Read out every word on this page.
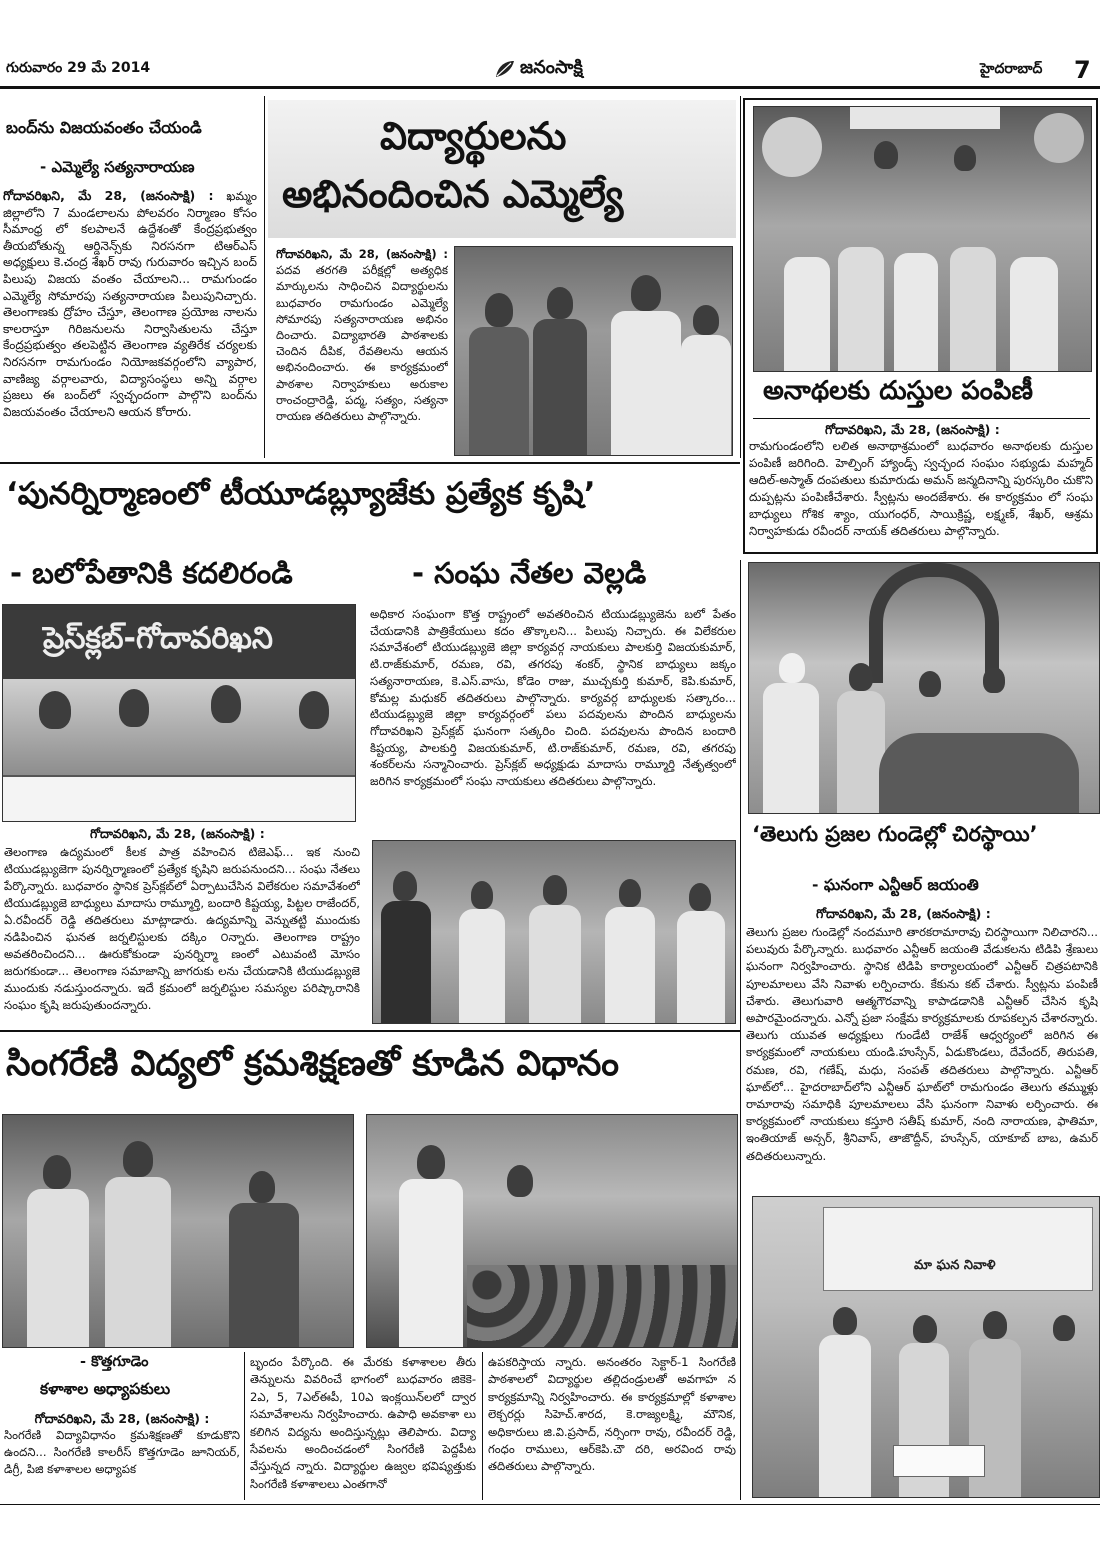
గురువారం 29 మే 2014	జనంసాక్షి	హైదరాబాద్ 7
బంద్‌ను విజయవంతం చేయండి
- ఎమ్మెల్యే సత్యనారాయణ
గోదావరిఖని, మే 28, (జనంసాక్షి) : ఖమ్మం జిల్లాలోని 7 మండలాలను పోలవరం నిర్మాణం కోసం సీమాంధ్ర లో కలపాలనే ఉద్దేశంతో కేంద్రప్రభుత్వం తీయబోతున్న ఆర్డినెన్స్‌కు నిరసనగా టిఆర్ఎస్ అధ్యక్షులు కె.చంద్ర శేఖర్ రావు గురువారం ఇచ్చిన బంద్ పిలుపు విజయ వంతం చేయాలని... రామగుండం ఎమ్మెల్యే సోమారపు సత్యనారాయణ పిలుపునిచ్చారు. తెలంగాణకు ద్రోహం చేస్తూ, తెలంగాణ ప్రయోజ నాలను కాలరాస్తూ గిరిజనులను నిర్వాసితులను చేస్తూ కేంద్రప్రభుత్వం తలపెట్టిన తెలంగాణ వ్యతిరేక చర్యలకు నిరసనగా రామగుండం నియోజకవర్గంలోని వ్యాపార, వాణిజ్య వర్గాలవారు, విద్యాసంస్థలు అన్ని వర్గాల ప్రజలు ఈ బంద్‌లో స్వచ్ఛందంగా పాల్గొని బంద్‌ను విజయవంతం చేయాలని ఆయన కోరారు.
విద్యార్థులను
అభినందించిన ఎమ్మెల్యే
గోదావరిఖని, మే 28, (జనంసాక్షి) : పదవ తరగతి పరీక్షల్లో అత్యధిక మార్కులను సాధించిన విద్యార్థులను బుధవారం రామగుండం ఎమ్మెల్యే సోమారపు సత్యనారాయణ అభినం దించారు. విద్యాభారతి పాఠశాలకు చెందిన దీపిక, రేవతిలను ఆయన అభినందించారు. ఈ కార్యక్రమంలో పాఠశాల నిర్వాహకులు అరుకాల రాంచంద్రారెడ్డి, పద్మ, సత్యం, సత్యనా రాయణ తదితరులు పాల్గొన్నారు.
అనాథలకు దుస్తుల పంపిణీ
గోదావరిఖని, మే 28, (జనంసాక్షి) :
రామగుండంలోని లలిత అనాథాశ్రమంలో బుధవారం అనాథలకు దుస్తుల పంపిణీ జరిగింది. హెల్పింగ్ హ్యాండ్స్ స్వచ్ఛంద సంఘం సభ్యుడు మహ్మద్ ఆదిల్-అస్మాత్ దంపతులు కుమారుడు అమన్ జన్మదినాన్ని పురస్కరిం చుకొని దుప్పట్లను పంపిణీచేశారు. స్వీట్లను అందజేశారు. ఈ కార్యక్రమం లో సంఘ బాధ్యులు గోశిక శ్యాం, యుగంధర్, సాయిక్రిష్ణ, లక్ష్మణ్, శేఖర్, ఆశ్రమ నిర్వాహకుడు రవీందర్ నాయక్ తదితరులు పాల్గొన్నారు.
‘పునర్నిర్మాణంలో టీయూడబ్ల్యూజేకు ప్రత్యేక కృషి’
- బలోపేతానికి కదలిరండి	- సంఘ నేతల వెల్లడి
ప్రెస్‌క్లబ్-గోదావరిఖని
అధికార సంఘంగా కొత్త రాష్ట్రంలో అవతరించిన టియుడబ్ల్యుజెను బలో పేతం చేయడానికి పాత్రికేయులు కదం తొక్కాలని... పిలుపు నిచ్చారు. ఈ విలేకరుల సమావేశంలో టియుడబ్ల్యుజె జిల్లా కార్యవర్గ నాయకులు పాలకుర్తి విజయకుమార్, టి.రాజ్‌కుమార్, రమణ, రవి, తగరపు శంకర్, స్థానిక బాధ్యులు జక్కం సత్యనారాయణ, కె.ఎస్.వాసు, కోడెం రాజు, ముచ్చకుర్తి కుమార్, కెపి.కుమార్, కోమల్ల మధుకర్ తదితరులు పాల్గొన్నారు. కార్యవర్గ బాధ్యులకు సత్కారం... టియుడబ్ల్యుజె జిల్లా కార్యవర్గంలో పలు పదవులను పొందిన బాధ్యులను గోదావరిఖని ప్రెస్‌క్లబ్ ఘనంగా సత్కరిం చింది. పదవులను పొందిన బందారి కిష్టయ్య, పాలకుర్తి విజయకుమార్, టి.రాజ్‌కుమార్, రమణ, రవి, తగరపు శంకర్‌లను సన్మానించారు. ప్రెస్‌క్లబ్ అధ్యక్షుడు మాదాసు రామ్మూర్తి నేతృత్వంలో జరిగిన కార్యక్రమంలో సంఘ నాయకులు తదితరులు పాల్గొన్నారు.
గోదావరిఖని, మే 28, (జనంసాక్షి) :
తెలంగాణ ఉద్యమంలో కీలక పాత్ర వహించిన టిజెఎఫ్... ఇక నుంచి టియుడబ్ల్యుజెగా పునర్నిర్మాణంలో ప్రత్యేక కృషిని జరుపనుందని... సంఘ నేతలు పేర్కొన్నారు. బుధవారం స్థానిక ప్రెస్‌క్లబ్‌లో ఏర్పాటుచేసిన విలేకరుల సమావేశంలో టియుడబ్ల్యుజె బాధ్యులు మాదాసు రామ్మూర్తి, బందారి కిష్టయ్య, పిట్టల రాజేందర్, ఏ.రవీందర్ రెడ్డి తదితరులు మాట్లాడారు. ఉద్యమాన్ని వెన్నుతట్టి ముందుకు నడిపించిన ఘనత జర్నలిస్టులకు దక్కిం ౦న్నారు. తెలంగాణ రాష్ట్రం అవతరించిందని... ఊరుకోకుండా పునర్నిర్మా ణంలో ఎటువంటి మోసం జరుగకుండా... తెలంగాణ సమాజాన్ని జాగరుకు లను చేయడానికి టియుడబ్ల్యుజె ముందుకు నడుస్తుందన్నారు. ఇదే క్రమంలో జర్నలిస్టుల సమస్యల పరిష్కారానికి సంఘం కృషి జరుపుతుందన్నారు.
‘తెలుగు ప్రజల గుండెల్లో చిరస్థాయి’
- ఘనంగా ఎన్టీఆర్ జయంతి
గోదావరిఖని, మే 28, (జనంసాక్షి) :
తెలుగు ప్రజల గుండెల్లో నందమూరి తారకరామారావు చిరస్థాయిగా నిలిచారని... పలువురు పేర్కొన్నారు. బుధవారం ఎన్టీఆర్ జయంతి వేడుకలను టిడిపి శ్రేణులు ఘనంగా నిర్వహించారు. స్థానిక టిడిపి కార్యాలయంలో ఎన్టీఆర్ చిత్రపటానికి పూలమాలలు వేసి నివాళు లర్పించారు. కేకును కట్ చేశారు. స్వీట్లను పంపిణీ చేశారు. తెలుగువారి ఆత్మగౌరవాన్ని కాపాడడానికి ఎన్టీఆర్ చేసిన కృషి అపారమైందన్నారు. ఎన్నో ప్రజా సంక్షేమ కార్యక్రమాలకు రూపకల్పన చేశారన్నారు. తెలుగు యువత అధ్యక్షులు గుండేటి రాజేశ్ ఆధ్వర్యంలో జరిగిన ఈ కార్యక్రమంలో నాయకులు యండి.హుస్సేన్, ఏడుకొండలు, దేవేందర్, తిరుపతి, రమణ, రవి, గణేష్, మధు, సంపత్ తదితరులు పాల్గొన్నారు. ఎన్టీఆర్ ఘాట్‌లో... హైదరాబాద్‌లోని ఎన్టీఆర్ ఘాట్‌లో రామగుండం తెలుగు తమ్ముళ్లు రామారావు సమాధికి పూలమాలలు వేసి ఘనంగా నివాళు లర్పించారు. ఈ కార్యక్రమంలో నాయకులు కస్తూరి సతీష్ కుమార్, నంది నారాయణ, ఫాతిమా, ఇంతియాజ్ అన్సర్, శ్రీనివాస్, తాజొద్దీన్, హుస్సేన్, యాకూబ్ బాబ, ఉమర్ తదితరులున్నారు.
మా ఘన నివాళి
సింగరేణి విద్యలో క్రమశిక్షణతో కూడిన విధానం
- కొత్తగూడెం
కళాశాల అధ్యాపకులు
గోదావరిఖని, మే 28, (జనంసాక్షి) :
సింగరేణి విద్యావిధానం క్రమశిక్షణతో కూడుకొని ఉందని... సింగరేణి కాలరీస్ కొత్తగూడెం జూనియర్, డిగ్రీ, పిజి కళాశాలల అధ్యాపక
బృందం పేర్కొంది. ఈ మేరకు కళాశాలల తీరు తెన్నులను వివరించే భాగంలో బుధవారం జికెకె- 2ఎ, 5, 7ఎల్ఈపీ, 10ఎ ఇంక్లయిన్‌లలో ద్వార సమావేశాలను నిర్వహించారు. ఉపాధి అవకాశా లు కలిగిన విద్యను అందిస్తున్నట్లు తెలిపారు. విద్యా సేవలను అందించడంలో సింగరేణి పెద్దపీట వేస్తున్నద న్నారు. విద్యార్థుల ఉజ్వల భవిష్యత్తుకు సింగరేణి కళాశాలలు ఎంతగానో
ఉపకరిస్తాయ న్నారు. అనంతరం సెక్టార్-1 సింగరేణి పాఠశాలలో విద్యార్థుల తల్లిదండ్రులతో అవగాహ న కార్యక్రమాన్ని నిర్వహించారు. ఈ కార్యక్రమాల్లో కళాశాల లెక్చరర్లు సిహెచ్.శారద, కె.రాజ్యలక్ష్మి, మౌనిక, అధికారులు జి.వి.ప్రసాద్, నర్సింగా రావు, రవీందర్ రెడ్డి, గంధం రాములు, ఆర్‌కెపి.చౌ దరి, అరవింద రావు తదితరులు పాల్గొన్నారు.
